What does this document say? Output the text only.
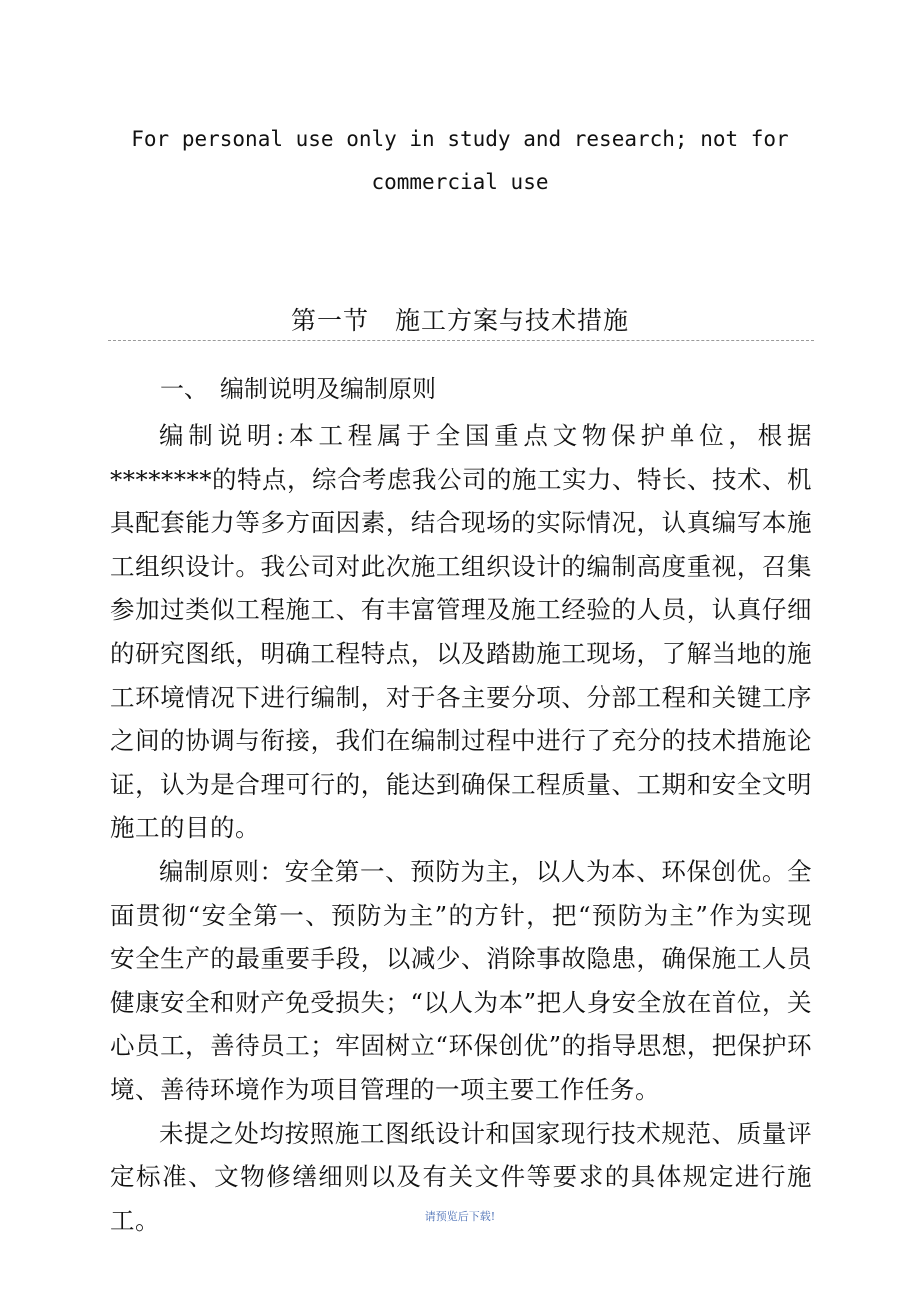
For personal use only in study and research; not for
commercial use
第一节　施工方案与技术措施
一、　编制说明及编制原则

编制说明:本工程属于全国重点文物保护单位，根据********的特点，综合考虑我公司的施工实力、特长、技术、机具配套能力等多方面因素，结合现场的实际情况，认真编写本施工组织设计。我公司对此次施工组织设计的编制高度重视，召集参加过类似工程施工、有丰富管理及施工经验的人员，认真仔细的研究图纸，明确工程特点，以及踏勘施工现场，了解当地的施工环境情况下进行编制，对于各主要分项、分部工程和关键工序之间的协调与衔接，我们在编制过程中进行了充分的技术措施论证，认为是合理可行的，能达到确保工程质量、工期和安全文明施工的目的。

编制原则：安全第一、预防为主，以人为本、环保创优。全面贯彻“安全第一、预防为主”的方针，把“预防为主”作为实现安全生产的最重要手段，以减少、消除事故隐患，确保施工人员健康安全和财产免受损失；“以人为本”把人身安全放在首位，关心员工，善待员工；牢固树立“环保创优”的指导思想，把保护环境、善待环境作为项目管理的一项主要工作任务。

未提之处均按照施工图纸设计和国家现行技术规范、质量评定标准、文物修缮细则以及有关文件等要求的具体规定进行施工。	请预览后下载!
